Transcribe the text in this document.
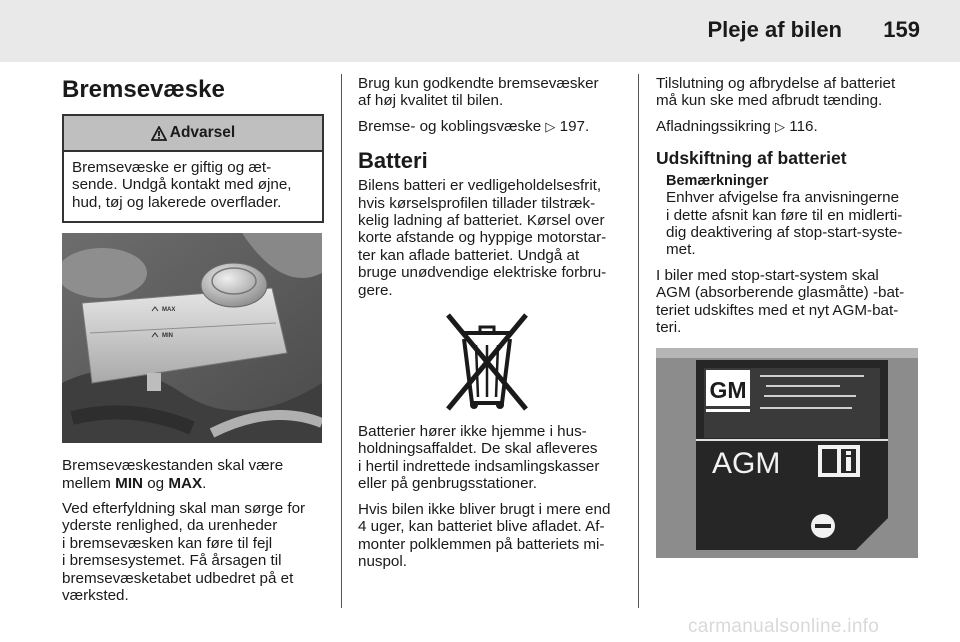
Pleje af bilen 159
Bremsevæske
Advarsel
Bremsevæske er giftig og æt-
sende. Undgå kontakt med øjne,
hud, tøj og lakerede overflader.
MAX
MIN

Bremsevæskestanden skal være
mellem MIN og MAX.

Ved efterfyldning skal man sørge for
yderste renlighed, da urenheder
i bremsevæsken kan føre til fejl
i bremsesystemet. Få årsagen til
bremsevæsketabet udbedret på et
værksted.

Brug kun godkendte bremsevæsker
af høj kvalitet til bilen.

Bremse- og koblingsvæske ▷ 197.

Batteri

Bilens batteri er vedligeholdelsesfrit,
hvis kørselsprofilen tillader tilstræk-
kelig ladning af batteriet. Kørsel over
korte afstande og hyppige motorstar-
ter kan aflade batteriet. Undgå at
bruge unødvendige elektriske forbru-
gere.

Batterier hører ikke hjemme i hus-
holdningsaffaldet. De skal afleveres
i hertil indrettede indsamlingskasser
eller på genbrugsstationer.

Hvis bilen ikke bliver brugt i mere end
4 uger, kan batteriet blive afladet. Af-
monter polklemmen på batteriets mi-
nuspol.

Tilslutning og afbrydelse af batteriet
må kun ske med afbrudt tænding.

Afladningssikring ▷ 116.

Udskiftning af batteriet
Bemærkninger

Enhver afvigelse fra anvisningerne
i dette afsnit kan føre til en midlerti-
dig deaktivering af stop-start-syste-
met.

I biler med stop-start-system skal
AGM (absorberende glasmåtte) -bat-
teriet udskiftes med et nyt AGM-bat-
teri.

GM
AGM
carmanualsonline.info
